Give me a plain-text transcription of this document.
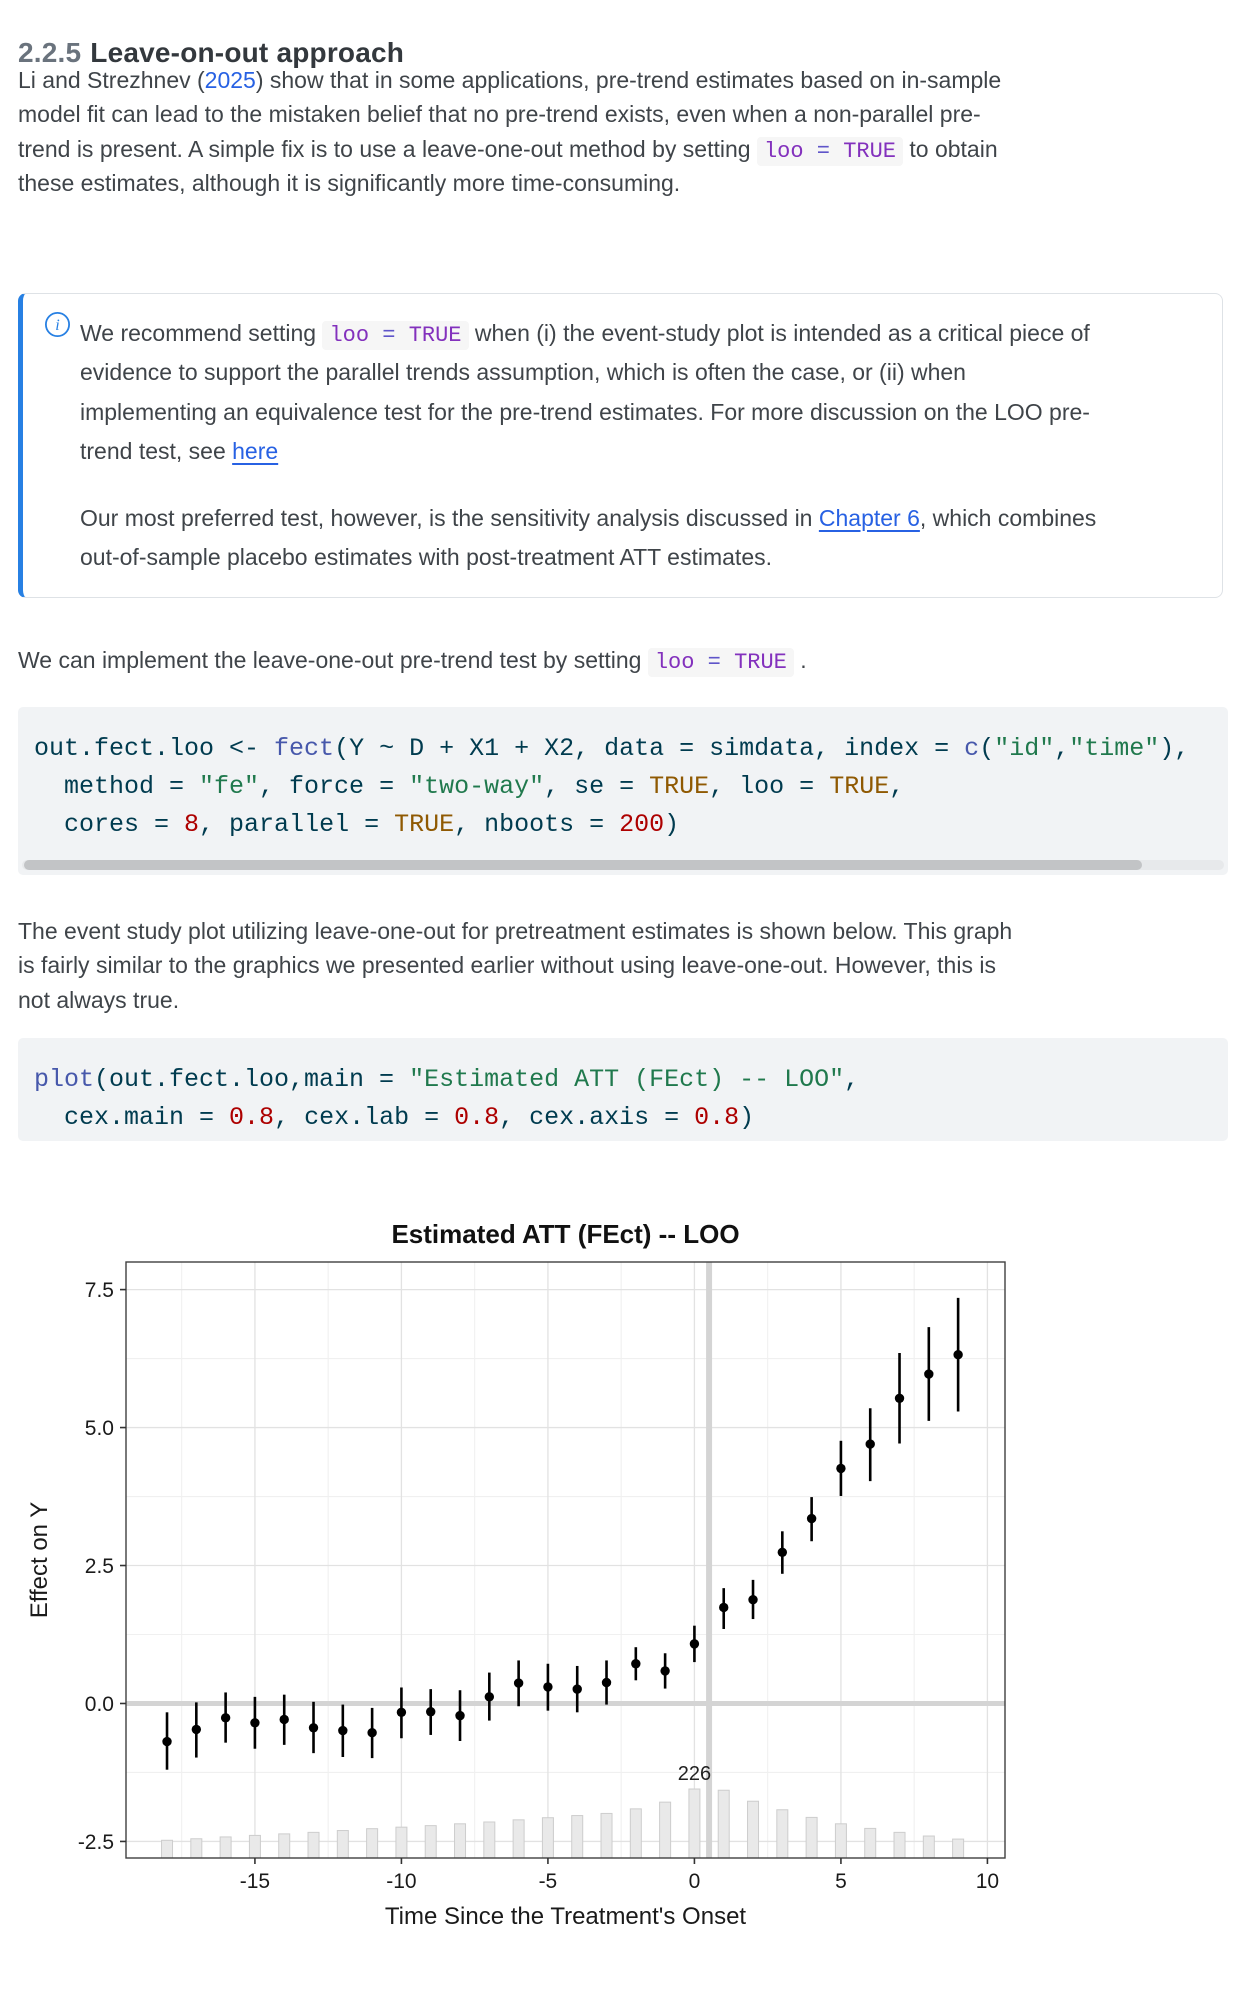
2.2.5 Leave-on-out approach
Li and Strezhnev (2025) show that in some applications, pre-trend estimates based on in-sample
model fit can lead to the mistaken belief that no pre-trend exists, even when a non-parallel pre-
trend is present. A simple fix is to use a leave-one-out method by setting loo = TRUE to obtain
these estimates, although it is significantly more time-consuming.
i We recommend setting loo = TRUE when (i) the event-study plot is intended as a critical piece of
evidence to support the parallel trends assumption, which is often the case, or (ii) when
implementing an equivalence test for the pre-trend estimates. For more discussion on the LOO pre-
trend test, see here
Our most preferred test, however, is the sensitivity analysis discussed in Chapter 6, which combines
out-of-sample placebo estimates with post-treatment ATT estimates.
We can implement the leave-one-out pre-trend test by setting loo = TRUE .
out.fect.loo <- fect(Y ~ D + X1 + X2, data = simdata, index = c("id","time"),
method = "fe", force = "two-way", se = TRUE, loo = TRUE,
cores = 8, parallel = TRUE, nboots = 200)
The event study plot utilizing leave-one-out for pretreatment estimates is shown below. This graph
is fairly similar to the graphics we presented earlier without using leave-one-out. However, this is
not always true.
plot(out.fect.loo,main = "Estimated ATT (FEct) -- LOO",
cex.main = 0.8, cex.lab = 0.8, cex.axis = 0.8)
226
-15	-10	-5	0	5	10
-2.5
0.0
2.5
5.0
7.5
Estimated ATT (FEct) -- LOO
Time Since the Treatment's Onset
Effect on Y
